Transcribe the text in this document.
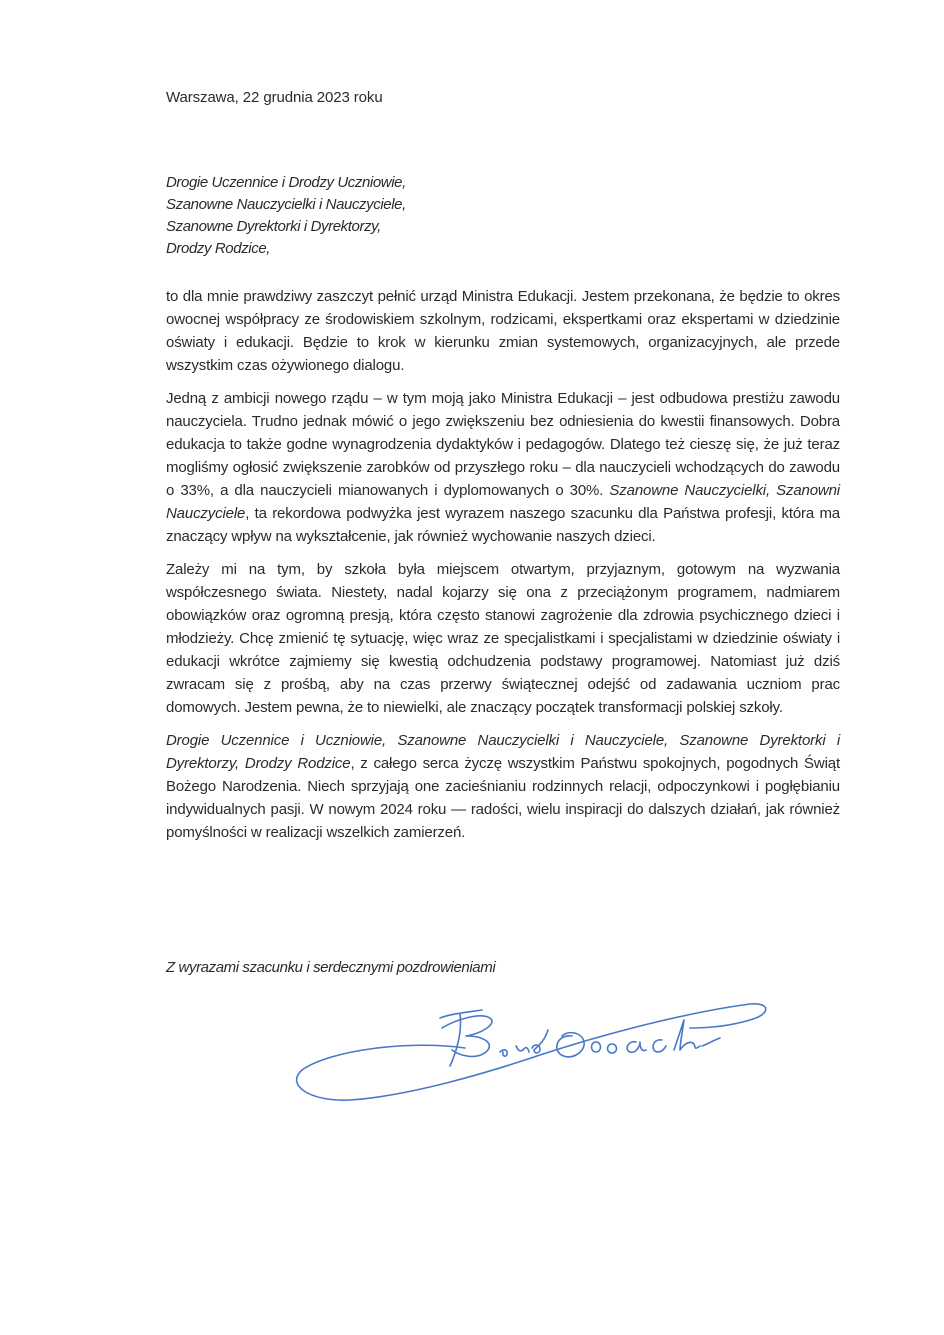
Warszawa, 22 grudnia 2023 roku
Drogie Uczennice i Drodzy Uczniowie,
Szanowne Nauczycielki i Nauczyciele,
Szanowne Dyrektorki i Dyrektorzy,
Drodzy Rodzice,

to dla mnie prawdziwy zaszczyt pełnić urząd Ministra Edukacji. Jestem przekonana, że będzie to okres owocnej współpracy ze środowiskiem szkolnym, rodzicami, ekspertkami oraz ekspertami w dziedzinie oświaty i edukacji. Będzie to krok w kierunku zmian systemowych, organizacyjnych, ale przede wszystkim czas ożywionego dialogu.

Jedną z ambicji nowego rządu – w tym moją jako Ministra Edukacji – jest odbudowa prestiżu zawodu nauczyciela. Trudno jednak mówić o jego zwiększeniu bez odniesienia do kwestii finansowych. Dobra edukacja to także godne wynagrodzenia dydaktyków i pedagogów. Dlatego też cieszę się, że już teraz mogliśmy ogłosić zwiększenie zarobków od przyszłego roku – dla nauczycieli wchodzących do zawodu o 33%, a dla nauczycieli mianowanych i dyplomowanych o 30%. Szanowne Nauczycielki, Szanowni Nauczyciele, ta rekordowa podwyżka jest wyrazem naszego szacunku dla Państwa profesji, która ma znaczący wpływ na wykształcenie, jak również wychowanie naszych dzieci.

Zależy mi na tym, by szkoła była miejscem otwartym, przyjaznym, gotowym na wyzwania współczesnego świata. Niestety, nadal kojarzy się ona z przeciążonym programem, nadmiarem obowiązków oraz ogromną presją, która często stanowi zagrożenie dla zdrowia psychicznego dzieci i młodzieży. Chcę zmienić tę sytuację, więc wraz ze specjalistkami i specjalistami w dziedzinie oświaty i edukacji wkrótce zajmiemy się kwestią odchudzenia podstawy programowej. Natomiast już dziś zwracam się z prośbą, aby na czas przerwy świątecznej odejść od zadawania uczniom prac domowych. Jestem pewna, że to niewielki, ale znaczący początek transformacji polskiej szkoły.

Drogie Uczennice i Uczniowie, Szanowne Nauczycielki i Nauczyciele, Szanowne Dyrektorki i Dyrektorzy, Drodzy Rodzice, z całego serca życzę wszystkim Państwu spokojnych, pogodnych Świąt Bożego Narodzenia. Niech sprzyjają one zacieśnianiu rodzinnych relacji, odpoczynkowi i pogłębianiu indywidualnych pasji. W nowym 2024 roku — radości, wielu inspiracji do dalszych działań, jak również pomyślności w realizacji wszelkich zamierzeń.

Z wyrazami szacunku i serdecznymi pozdrowieniami
